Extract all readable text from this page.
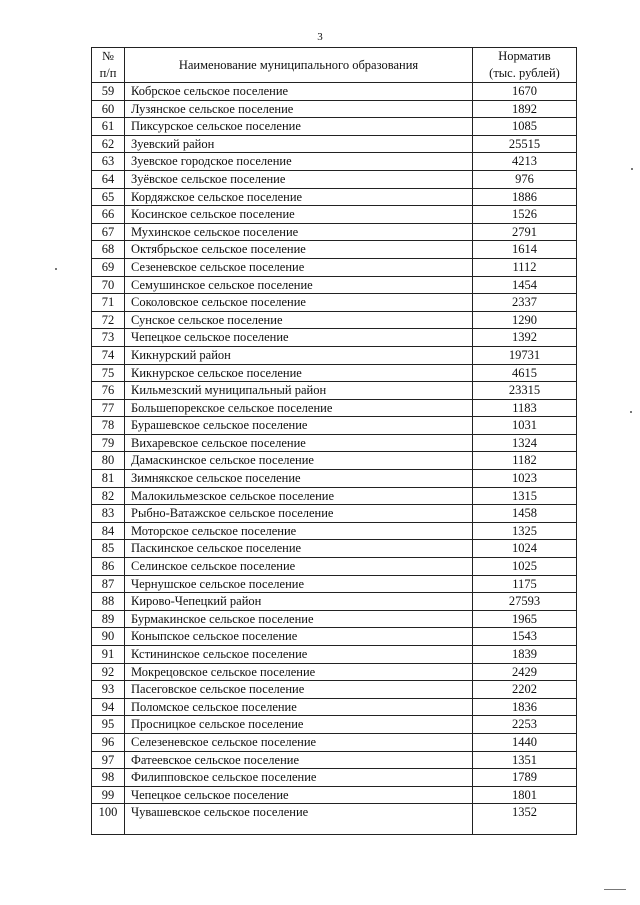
3
№
п/п	Наименование муниципального образования	Норматив
(тыс. рублей)

59	Кобрское сельское поселение	1670
60	Лузянское сельское поселение	1892
61	Пиксурское сельское поселение	1085
62	Зуевский район	25515
63	Зуевское городское поселение	4213
64	Зуёвское сельское поселение	976
65	Кордяжское сельское поселение	1886
66	Косинское сельское поселение	1526
67	Мухинское сельское поселение	2791
68	Октябрьское сельское поселение	1614
69	Сезеневское сельское поселение	1112
70	Семушинское сельское поселение	1454
71	Соколовское сельское поселение	2337
72	Сунское сельское поселение	1290
73	Чепецкое сельское поселение	1392
74	Кикнурский район	19731
75	Кикнурское сельское поселение	4615
76	Кильмезский муниципальный район	23315
77	Большепорекское сельское поселение	1183
78	Бурашевское сельское поселение	1031
79	Вихаревское сельское поселение	1324
80	Дамаскинское сельское поселение	1182
81	Зимнякское сельское поселение	1023
82	Малокильмезское сельское поселение	1315
83	Рыбно-Ватажское сельское поселение	1458
84	Моторское сельское поселение	1325
85	Паскинское сельское поселение	1024
86	Селинское сельское поселение	1025
87	Чернушское сельское поселение	1175
88	Кирово-Чепецкий район	27593
89	Бурмакинское сельское поселение	1965
90	Коныпское сельское поселение	1543
91	Кстининское сельское поселение	1839
92	Мокрецовское сельское поселение	2429
93	Пасеговское сельское поселение	2202
94	Поломское сельское поселение	1836
95	Просницкое сельское поселение	2253
96	Селезеневское сельское поселение	1440
97	Фатеевское сельское поселение	1351
98	Филипповское сельское поселение	1789
99	Чепецкое сельское поселение	1801
100	Чувашевское сельское поселение	1352
